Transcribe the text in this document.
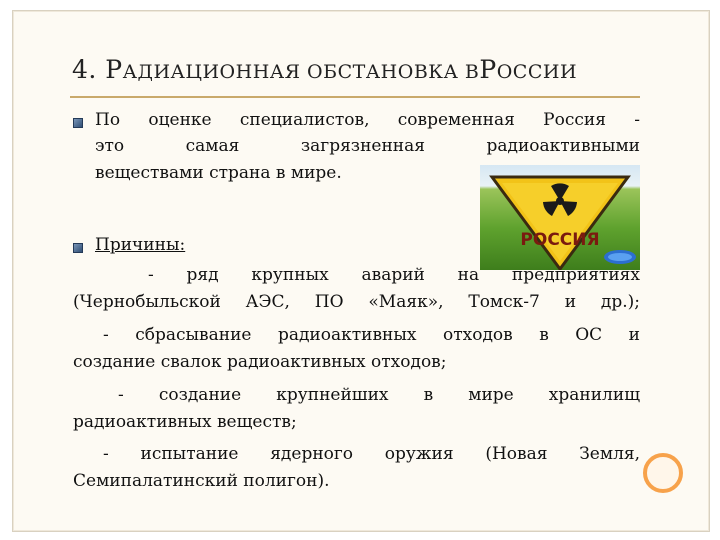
4. РАДИАЦИОННАЯ ОБСТАНОВКА ВРОССИИ
По оценке специалистов, современная Россия -
это самая загрязненная радиоактивными
веществами страна в мире.
РОССИЯ
Причины:
- ряд крупных аварий на предприятиях
(Чернобыльской АЭС, ПО «Маяк», Томск-7 и др.);
- сбрасывание радиоактивных отходов в ОС и
создание свалок радиоактивных отходов;
- создание крупнейших в мире хранилищ
радиоактивных веществ;
- испытание ядерного оружия (Новая Земля,
Семипалатинский полигон).
